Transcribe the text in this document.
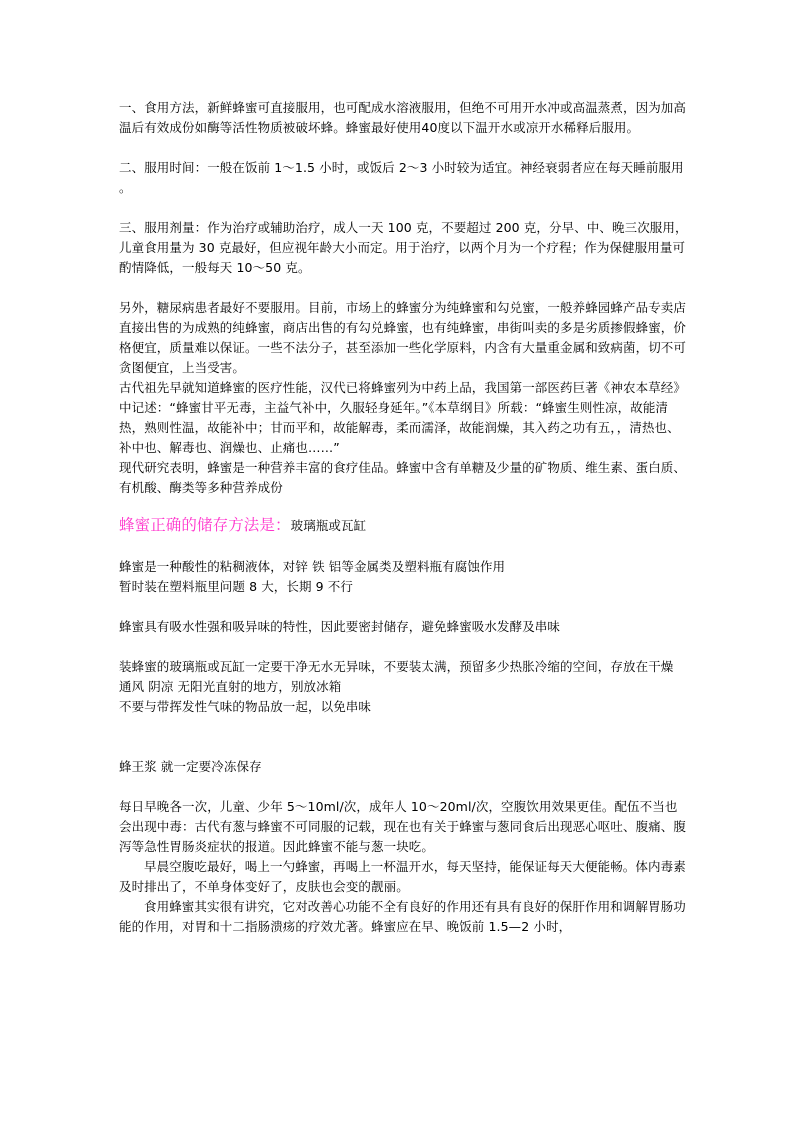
一、食用方法，新鲜蜂蜜可直接服用，也可配成水溶液服用，但绝不可用开水冲或高温蒸煮，因为加高温后有效成份如酶等活性物质被破坏蜂。蜂蜜最好使用40度以下温开水或凉开水稀释后服用。

二、服用时间：一般在饭前 1～1.5 小时，或饭后 2～3 小时较为适宜。神经衰弱者应在每天睡前服用 。

三、服用剂量：作为治疗或辅助治疗，成人一天 100 克，不要超过 200 克，分早、中、晚三次服用，儿童食用量为 30 克最好，但应视年龄大小而定。用于治疗，以两个月为一个疗程；作为保健服用量可酌情降低，一般每天 10～50 克。

另外，糖尿病患者最好不要服用。目前，市场上的蜂蜜分为纯蜂蜜和勾兑蜜，一般养蜂园蜂产品专卖店直接出售的为成熟的纯蜂蜜，商店出售的有勾兑蜂蜜，也有纯蜂蜜，串街叫卖的多是劣质掺假蜂蜜，价格便宜，质量难以保证。一些不法分子，甚至添加一些化学原料，内含有大量重金属和致病菌，切不可贪图便宜，上当受害。

古代祖先早就知道蜂蜜的医疗性能，汉代已将蜂蜜列为中药上品，我国第一部医药巨著《神农本草经》中记述：“蜂蜜甘平无毒，主益气补中，久服轻身延年。”《本草纲目》所载：“蜂蜜生则性凉，故能清热，熟则性温，故能补中；甘而平和，故能解毒，柔而濡泽，故能润燥，其入药之功有五，，清热也、补中也、解毒也、润燥也、止痛也……”

现代研究表明，蜂蜜是一种营养丰富的食疗佳品。蜂蜜中含有单糖及少量的矿物质、维生素、蛋白质、有机酸、酶类等多种营养成份

蜂蜜正确的储存方法是：玻璃瓶或瓦缸

蜂蜜是一种酸性的粘稠液体，对锌 铁 铝等金属类及塑料瓶有腐蚀作用

暂时装在塑料瓶里问题 8 大，长期 9 不行

蜂蜜具有吸水性强和吸异味的特性，因此要密封储存，避免蜂蜜吸水发酵及串味

装蜂蜜的玻璃瓶或瓦缸一定要干净无水无异味，不要装太满，预留多少热胀冷缩的空间，存放在干燥 通风 阴凉 无阳光直射的地方，别放冰箱

不要与带挥发性气味的物品放一起，以免串味

蜂王浆 就一定要冷冻保存

每日早晚各一次，儿童、少年 5～10ml/次，成年人 10～20ml/次，空腹饮用效果更佳。配伍不当也会出现中毒：古代有葱与蜂蜜不可同服的记载，现在也有关于蜂蜜与葱同食后出现恶心呕吐、腹痛、腹泻等急性胃肠炎症状的报道。因此蜂蜜不能与葱一块吃。

早晨空腹吃最好，喝上一勺蜂蜜，再喝上一杯温开水，每天坚持，能保证每天大便能畅。体内毒素及时排出了，不单身体变好了，皮肤也会变的靓丽。

食用蜂蜜其实很有讲究，它对改善心功能不全有良好的作用还有具有良好的保肝作用和调解胃肠功能的作用，对胃和十二指肠溃疡的疗效尤著。蜂蜜应在早、晚饭前 1.5—2 小时，
